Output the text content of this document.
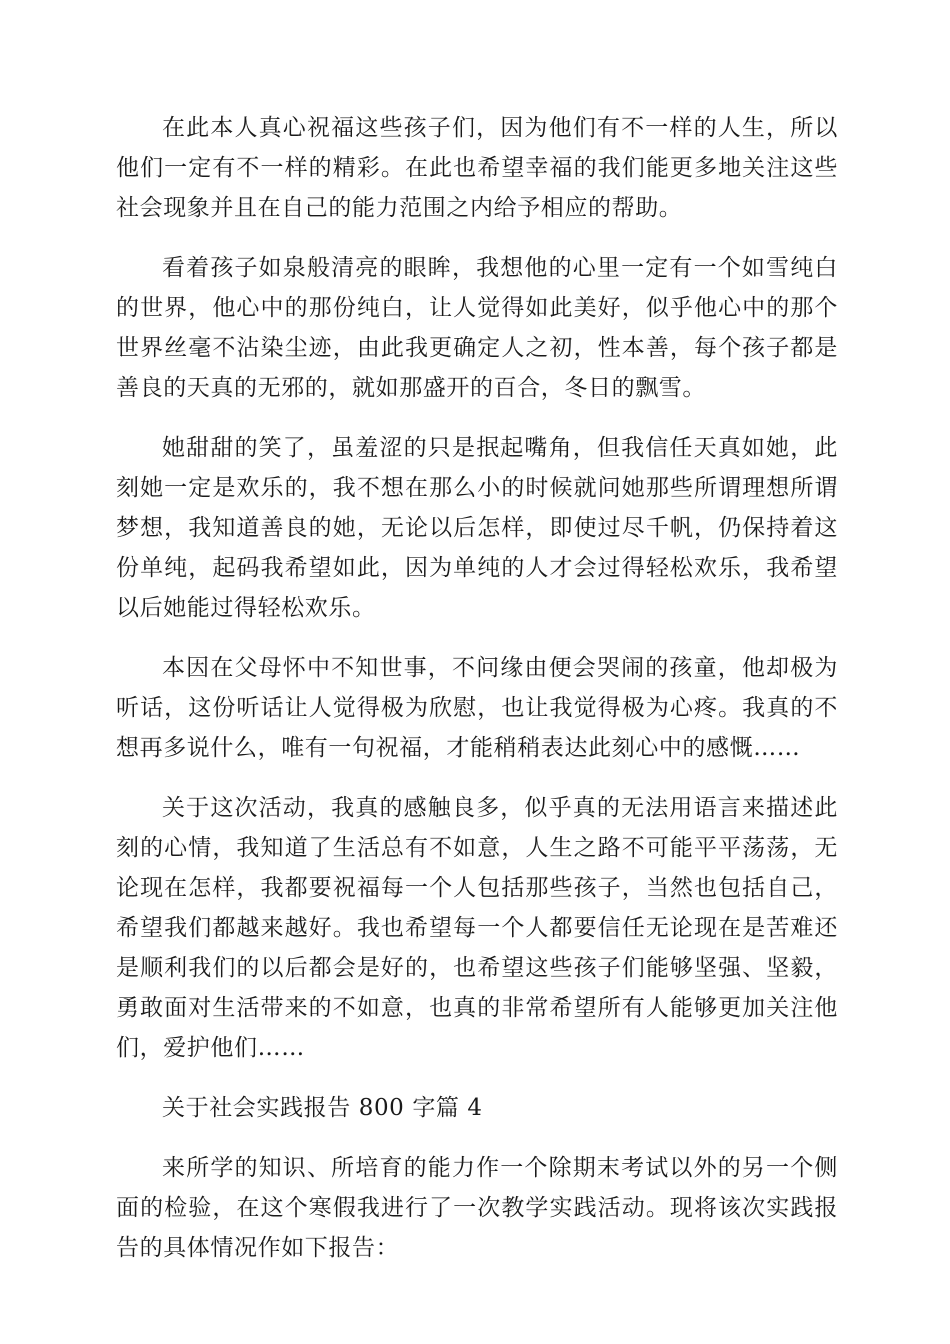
在此本人真心祝福这些孩子们，因为他们有不一样的人生，所以他们一定有不一样的精彩。在此也希望幸福的我们能更多地关注这些社会现象并且在自己的能力范围之内给予相应的帮助。

看着孩子如泉般清亮的眼眸，我想他的心里一定有一个如雪纯白的世界，他心中的那份纯白，让人觉得如此美好，似乎他心中的那个世界丝毫不沾染尘迹，由此我更确定人之初，性本善，每个孩子都是善良的天真的无邪的，就如那盛开的百合，冬日的飘雪。

她甜甜的笑了，虽羞涩的只是抿起嘴角，但我信任天真如她，此刻她一定是欢乐的，我不想在那么小的时候就问她那些所谓理想所谓梦想，我知道善良的她，无论以后怎样，即使过尽千帆，仍保持着这份单纯，起码我希望如此，因为单纯的人才会过得轻松欢乐，我希望以后她能过得轻松欢乐。

本因在父母怀中不知世事，不问缘由便会哭闹的孩童，他却极为听话，这份听话让人觉得极为欣慰，也让我觉得极为心疼。我真的不想再多说什么，唯有一句祝福，才能稍稍表达此刻心中的感慨……

关于这次活动，我真的感触良多，似乎真的无法用语言来描述此刻的心情，我知道了生活总有不如意，人生之路不可能平平荡荡，无论现在怎样，我都要祝福每一个人包括那些孩子，当然也包括自己，希望我们都越来越好。我也希望每一个人都要信任无论现在是苦难还是顺利我们的以后都会是好的，也希望这些孩子们能够坚强、坚毅，勇敢面对生活带来的不如意，也真的非常希望所有人能够更加关注他们，爱护他们……

关于社会实践报告 800 字篇 4

来所学的知识、所培育的能力作一个除期末考试以外的另一个侧面的检验，在这个寒假我进行了一次教学实践活动。现将该次实践报告的具体情况作如下报告：
